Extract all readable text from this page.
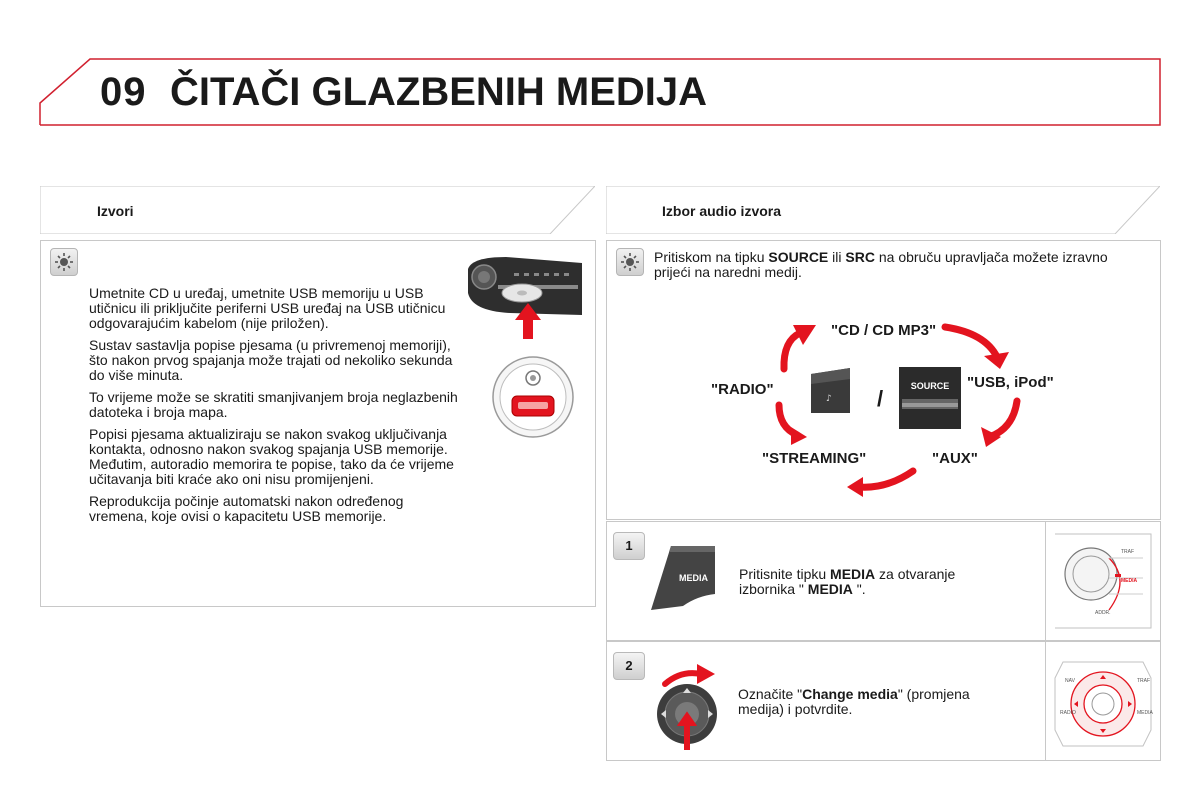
09 ČITAČI GLAZBENIH MEDIJA
Izvori

Umetnite CD u uređaj, umetnite USB memoriju u USB utičnicu ili priključite periferni USB uređaj na USB utičnicu odgovarajućim kabelom (nije priložen).

Sustav sastavlja popise pjesama (u privremenoj memoriji), što nakon prvog spajanja može trajati od nekoliko sekunda do više minuta.

To vrijeme može se skratiti smanjivanjem broja neglazbenih datoteka i broja mapa.

Popisi pjesama aktualiziraju se nakon svakog uključivanja kontakta, odnosno nakon svakog spajanja USB memorije. Međutim, autoradio memorira te popise, tako da će vrijeme učitavanja biti kraće ako oni nisu promijenjeni.

Reprodukcija počinje automatski nakon određenog vremena, koje ovisi o kapacitetu USB memorije.

Izbor audio izvora
Pritiskom na tipku SOURCE ili SRC na obruču upravljača možete izravno prijeći na naredni medij.
♪
SOURCE
/
"CD / CD MP3"
"USB, iPod"
"RADIO"
"AUX"
"STREAMING"
1
MEDIA Pritisnite tipku MEDIA za otvaranje izbornika " MEDIA ".
TRAF
MEDIA
ADDR.
2
Označite "Change media" (promjena medija) i potvrdite.
NAV	TRAF
RADIO	MEDIA
